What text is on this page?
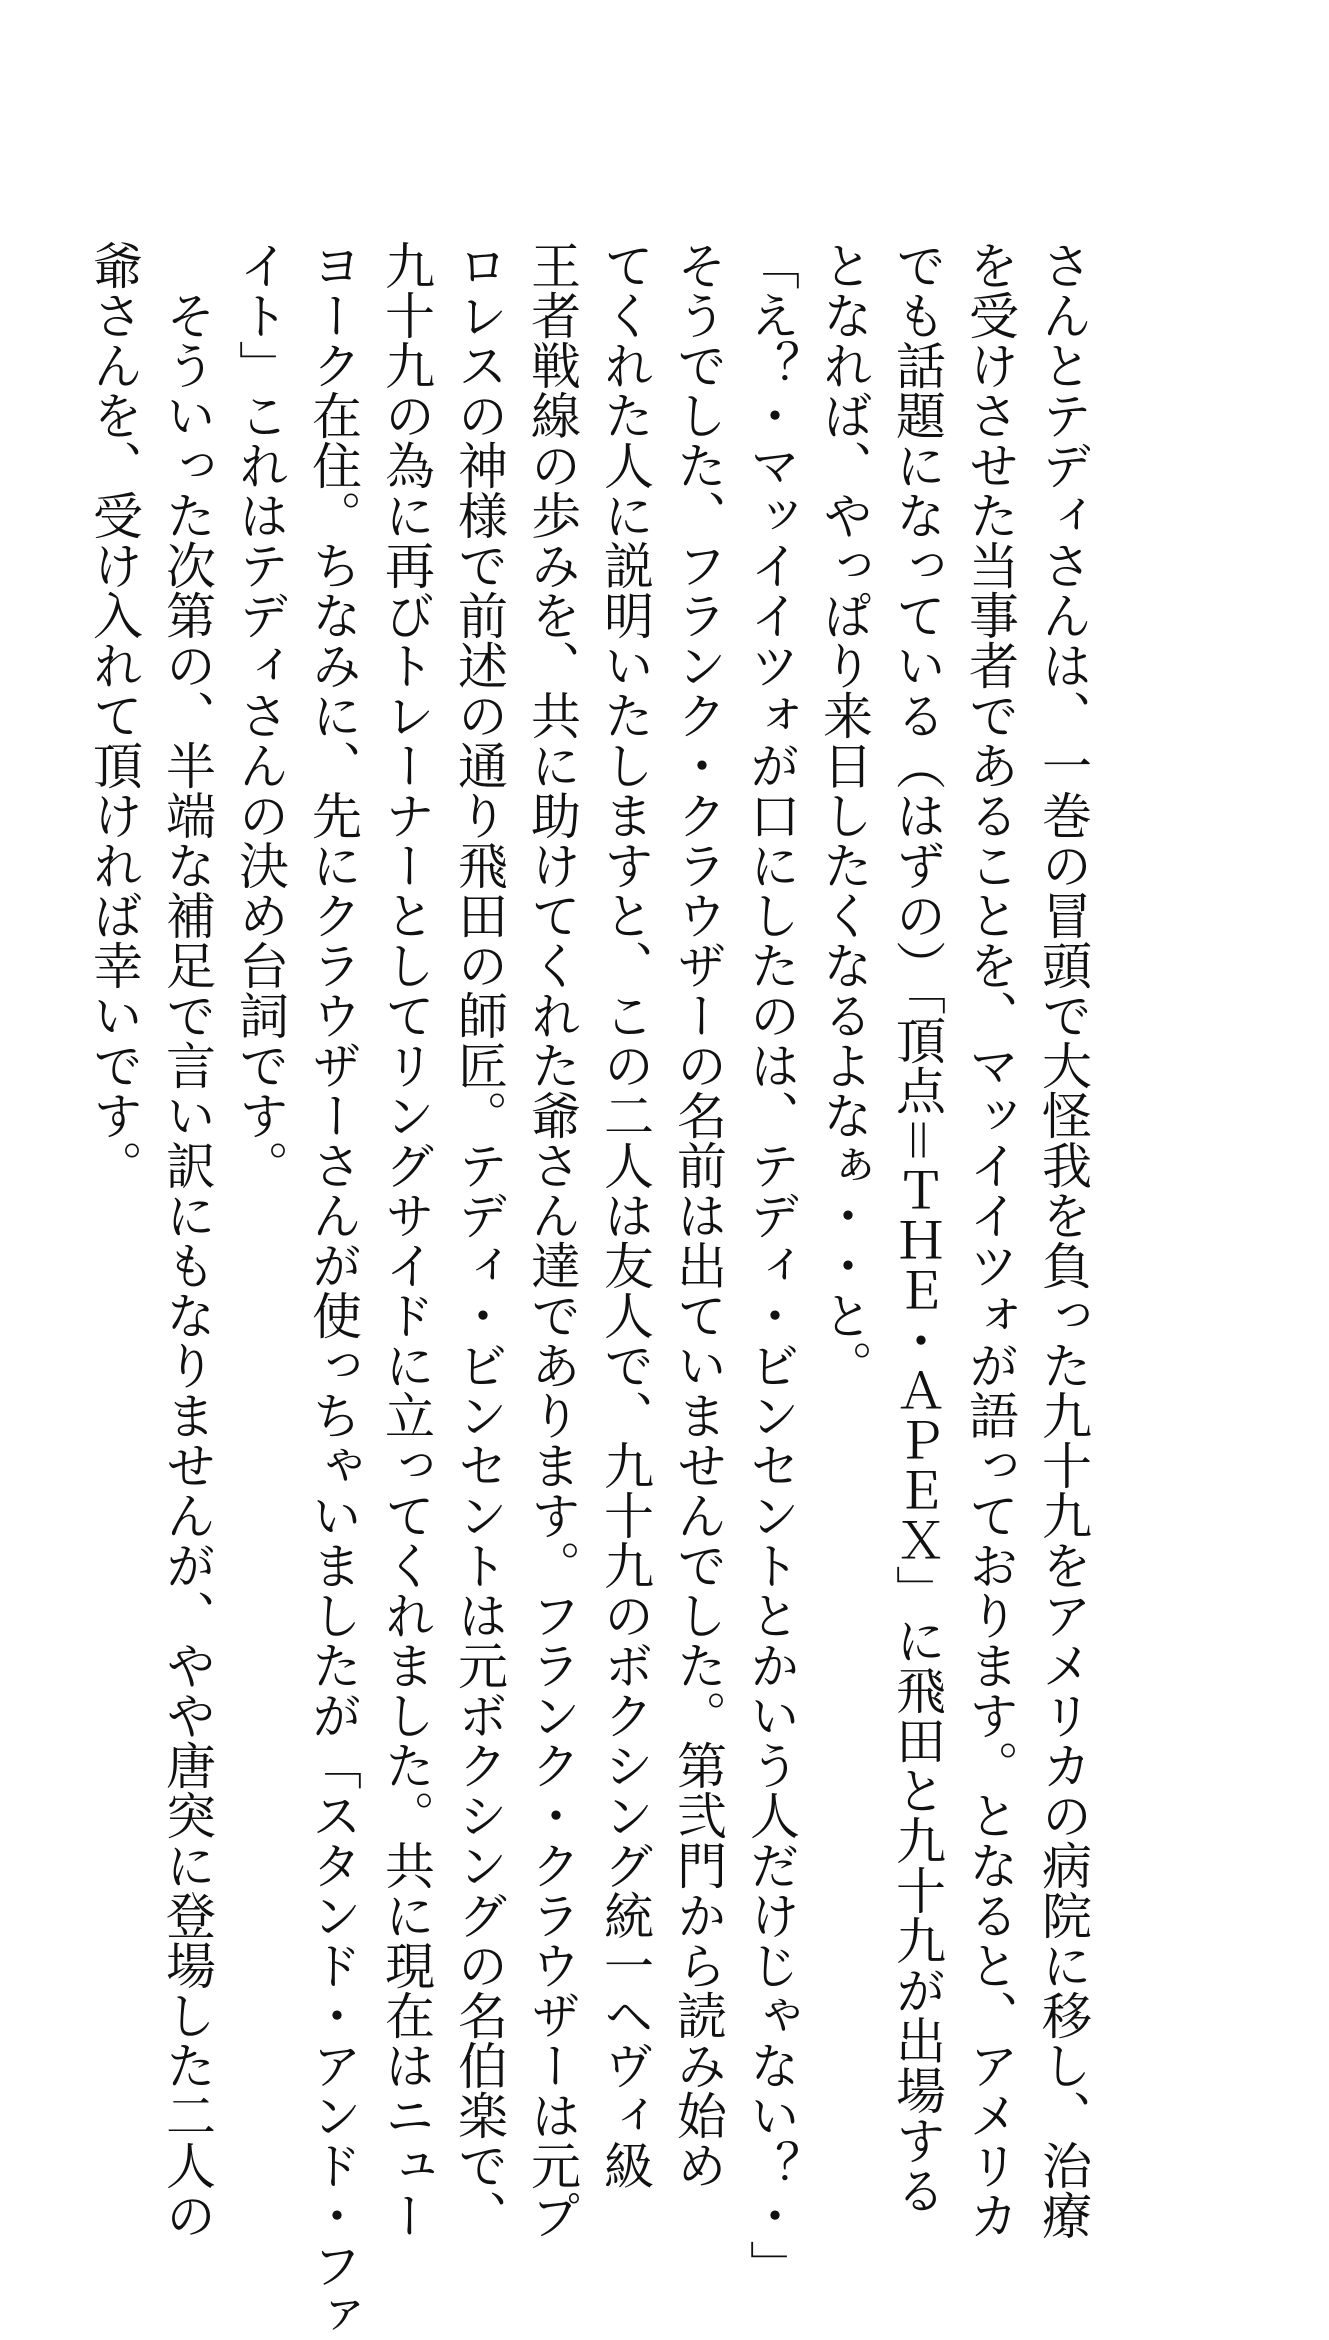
さんとテディさんは、一巻の冒頭で大怪我を負った九十九をアメリカの病院に移し、治療
を受けさせた当事者であることを、マッイイツォが語っております。となると、アメリカ
でも話題になっている（はずの）「頂点＝ＴＨＥ・ＡＰＥＸ」に飛田と九十九が出場する
となれば、やっぱり来日したくなるよなぁ・・と。
「え？・マッイイツォが口にしたのは、テディ・ビンセントとかいう人だけじゃない？・」
そうでした、フランク・クラウザーの名前は出ていませんでした。第弐門から読み始め
てくれた人に説明いたしますと、この二人は友人で、九十九のボクシング統一ヘヴィ級
王者戦線の歩みを、共に助けてくれた爺さん達であります。フランク・クラウザーは元プ
ロレスの神様で前述の通り飛田の師匠。テディ・ビンセントは元ボクシングの名伯楽で、
九十九の為に再びトレーナーとしてリングサイドに立ってくれました。共に現在はニュー
ヨーク在住。ちなみに、先にクラウザーさんが使っちゃいましたが「スタンド・アンド・ファ
イト」これはテディさんの決め台詞です。
　そういった次第の、半端な補足で言い訳にもなりませんが、やや唐突に登場した二人の
爺さんを、受け入れて頂ければ幸いです。
